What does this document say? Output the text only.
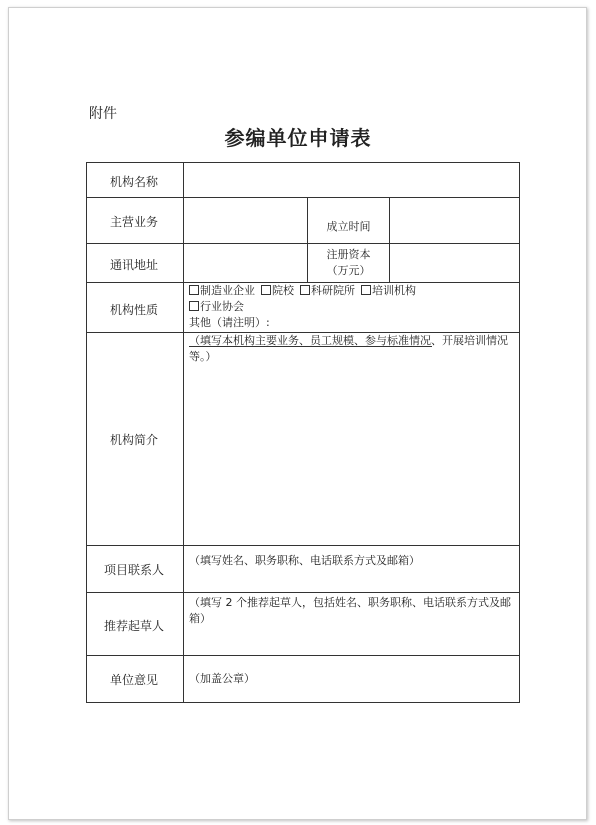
附件
参编单位申请表
机构名称
主营业务
通讯地址
机构性质
机构简介
项目联系人
推荐起草人
单位意见
成立时间
注册资本
（万元）
制造业企业 院校 科研院所 培训机构
行业协会
其他（请注明）:
（填写本机构主要业务、员工规模、参与标准情况、开展培训情况等。）
（填写姓名、职务职称、电话联系方式及邮箱）
（填写 2 个推荐起草人，包括姓名、职务职称、电话联系方式及邮箱）
（加盖公章）
